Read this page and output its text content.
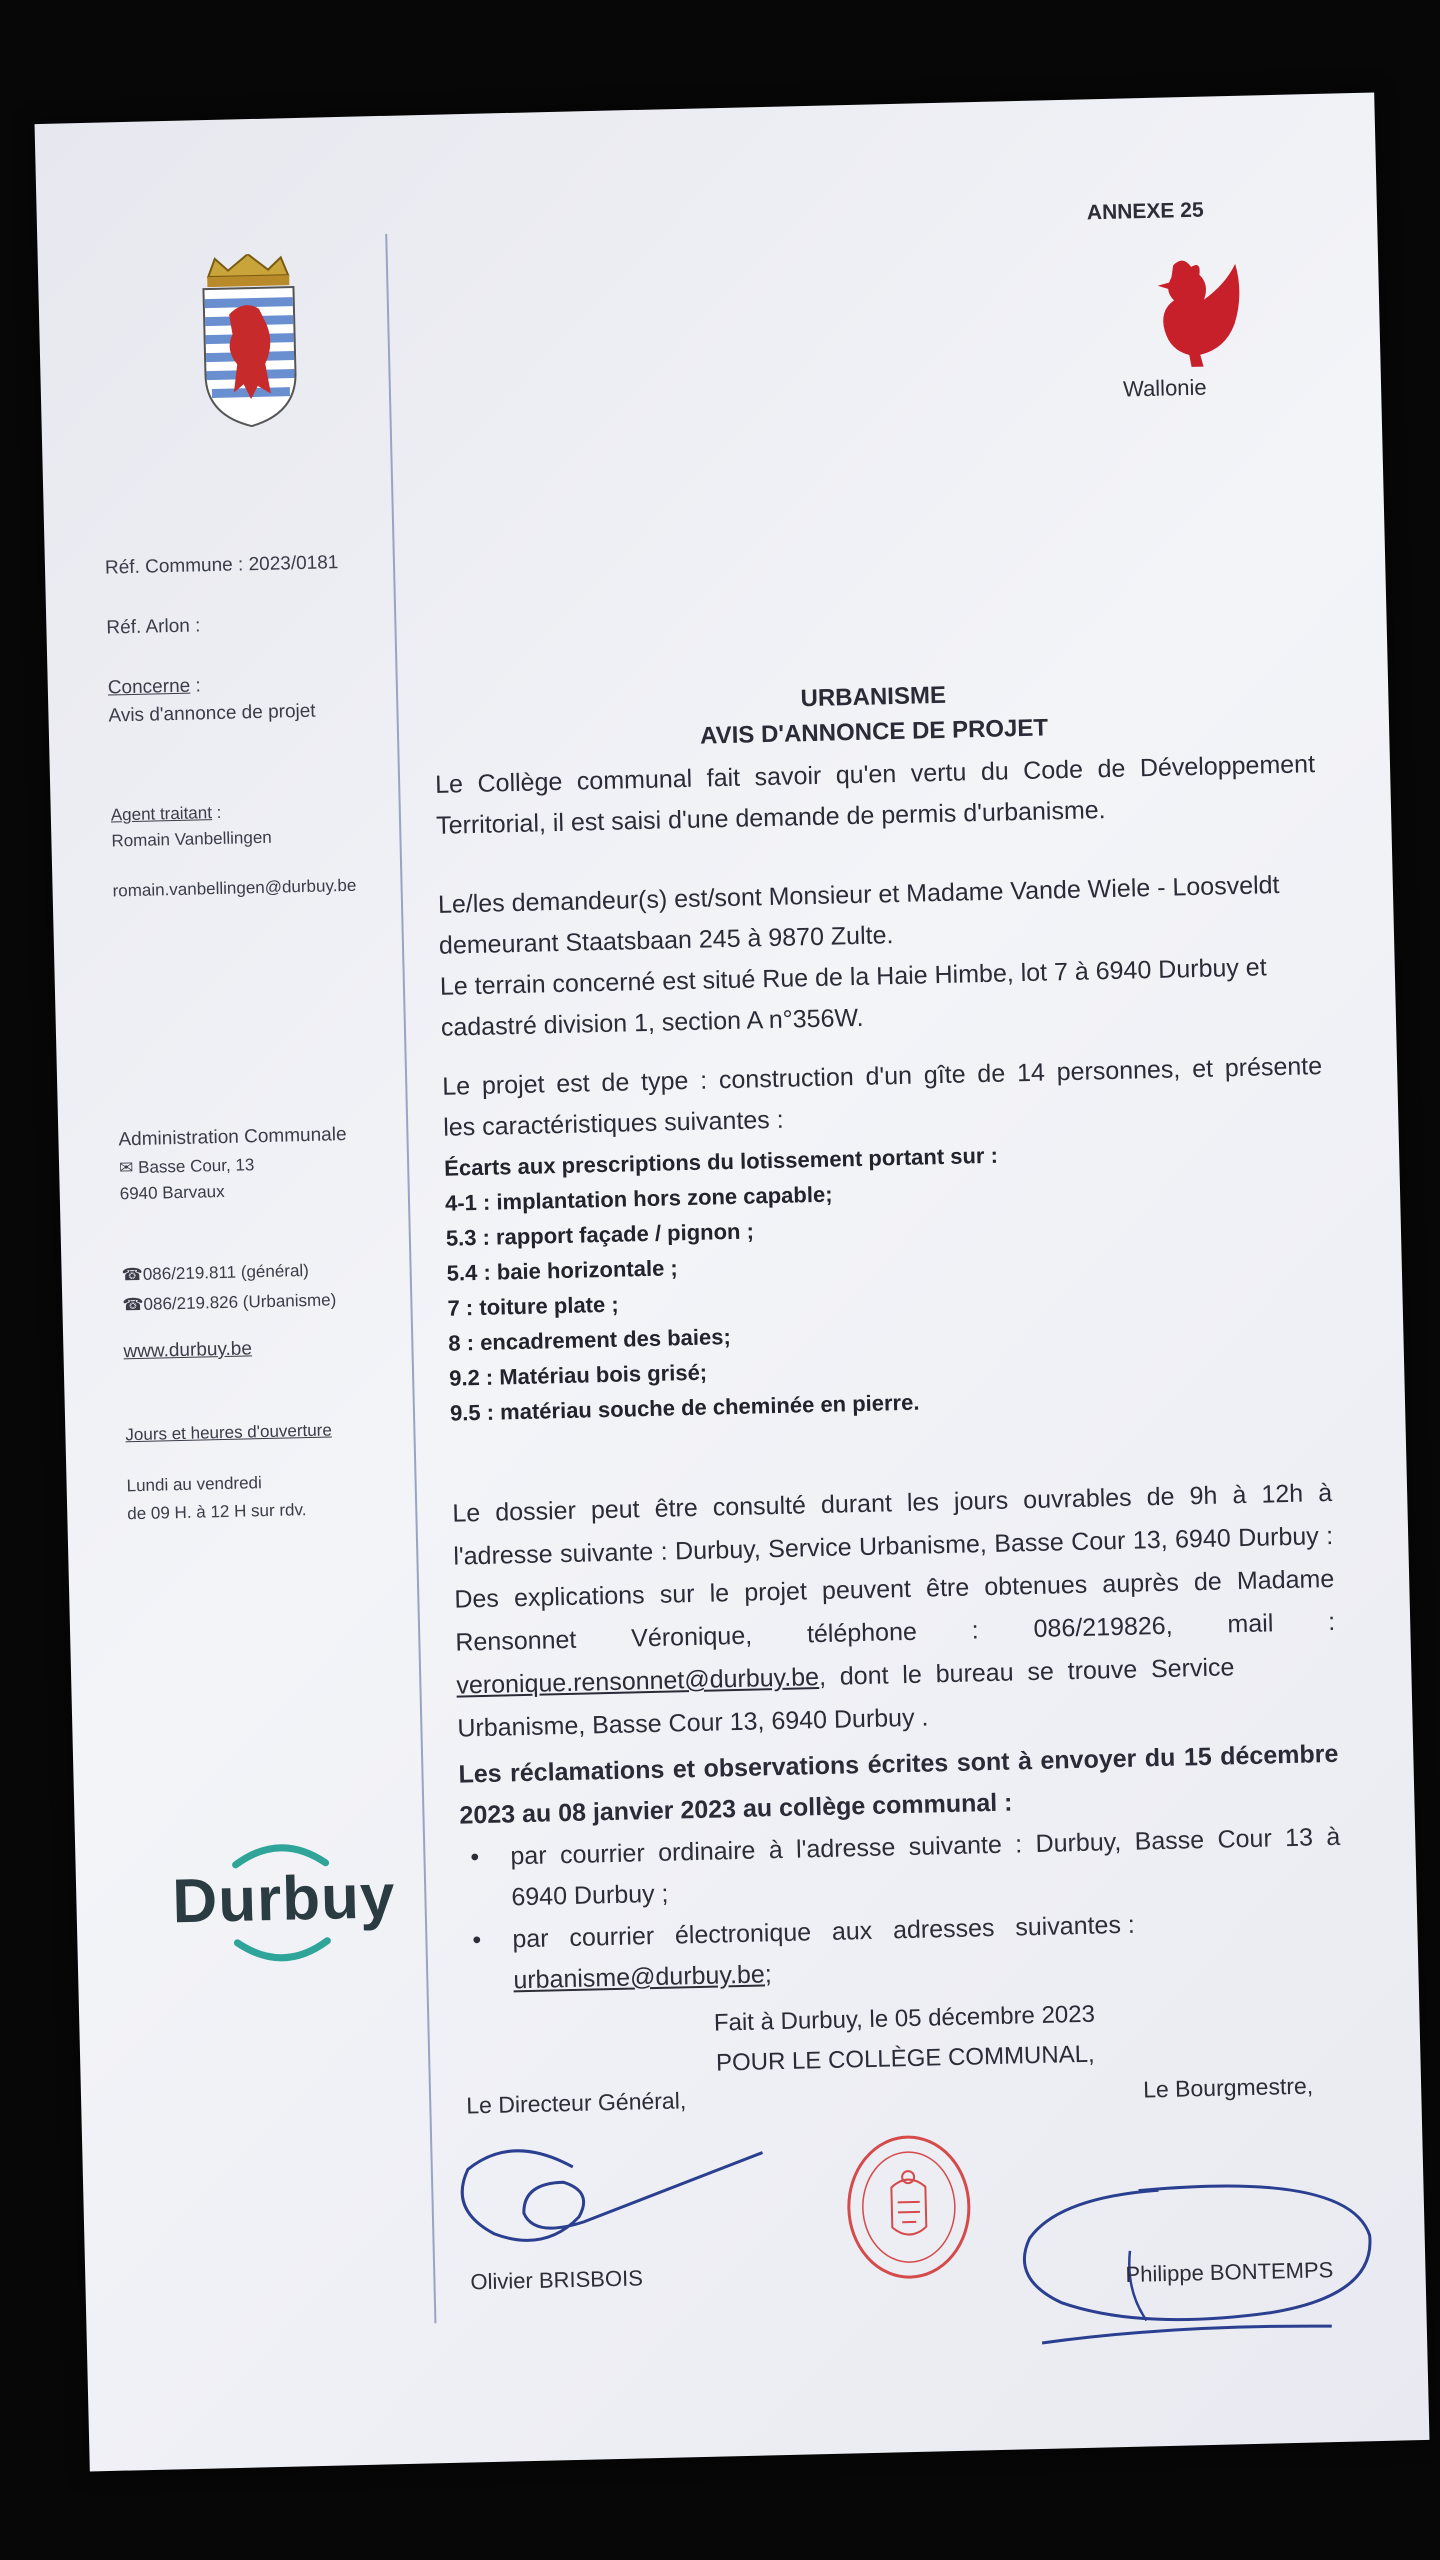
Réf. Commune : 2023/0181
Réf. Arlon :
Concerne :
Avis d'annonce de projet
Agent traitant :
Romain Vanbellingen
romain.vanbellingen@durbuy.be
Administration Communale
✉ Basse Cour, 13
6940 Barvaux
☎086/219.811 (général)
☎086/219.826 (Urbanisme)
www.durbuy.be
Jours et heures d'ouverture
Lundi au vendredi
de 09 H. à 12 H sur rdv.
Durbuy
ANNEXE 25
Wallonie
URBANISME
AVIS D'ANNONCE DE PROJET
Le Collège communal fait savoir qu'en vertu du Code de Développement
Territorial, il est saisi d'une demande de permis d'urbanisme.
Le/les demandeur(s) est/sont Monsieur et Madame Vande Wiele - Loosveldt
demeurant Staatsbaan 245 à 9870 Zulte.
Le terrain concerné est situé Rue de la Haie Himbe, lot 7 à 6940 Durbuy et
cadastré division 1, section A n°356W.
Le projet est de type : construction d'un gîte de 14 personnes, et présente
les caractéristiques suivantes :
Écarts aux prescriptions du lotissement portant sur :
4-1 : implantation hors zone capable;
5.3 : rapport façade / pignon ;
5.4 : baie horizontale ;
7 : toiture plate ;
8 : encadrement des baies;
9.2 : Matériau bois grisé;
9.5 : matériau souche de cheminée en pierre.
Le dossier peut être consulté durant les jours ouvrables de 9h à 12h à
l'adresse suivante : Durbuy, Service Urbanisme, Basse Cour 13, 6940 Durbuy :
Des explications sur le projet peuvent être obtenues auprès de Madame
Rensonnet   Véronique,   téléphone   :   086/219826,   mail   :
veronique.rensonnet@durbuy.be,  dont  le  bureau  se  trouve  Service
Urbanisme, Basse Cour 13, 6940 Durbuy .
Les réclamations et observations écrites sont à envoyer du 15 décembre
2023 au 08 janvier 2023 au collège communal :
• par courrier ordinaire à l'adresse suivante : Durbuy, Basse Cour 13 à
6940 Durbuy ;
• par   courrier   électronique   aux   adresses   suivantes :
urbanisme@durbuy.be;
Fait à Durbuy, le 05 décembre 2023
POUR LE COLLÈGE COMMUNAL,
Le Directeur Général,	Le Bourgmestre,
Olivier BRISBOIS	Philippe BONTEMPS
